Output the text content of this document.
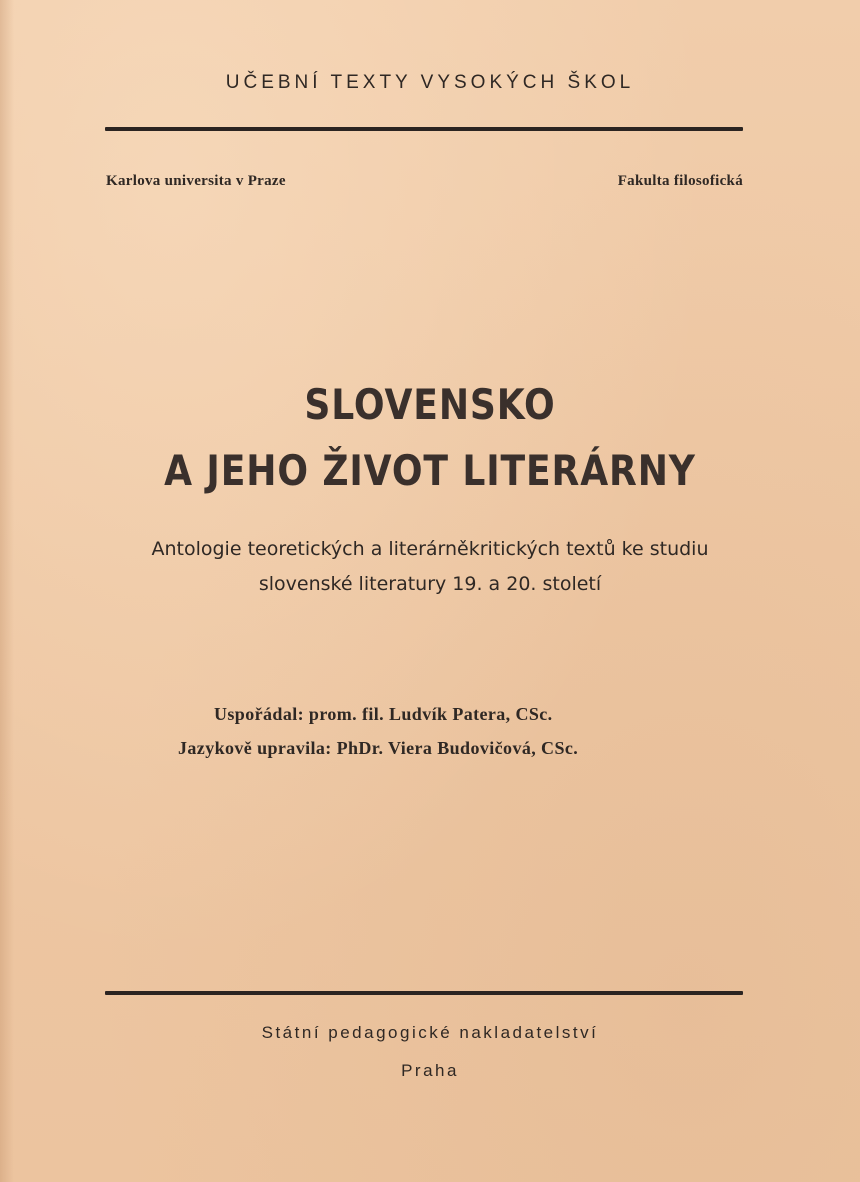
UČEBNÍ TEXTY VYSOKÝCH ŠKOL
Karlova universita v Praze	Fakulta filosofická
SLOVENSKO
A JEHO ŽIVOT LITERÁRNY
Antologie teoretických a literárněkritických textů ke studiu
slovenské literatury 19. a 20. století
Uspořádal: prom. fil. Ludvík Patera, CSc.
Jazykově upravila: PhDr. Viera Budovičová, CSc.
Státní pedagogické nakladatelství
Praha
